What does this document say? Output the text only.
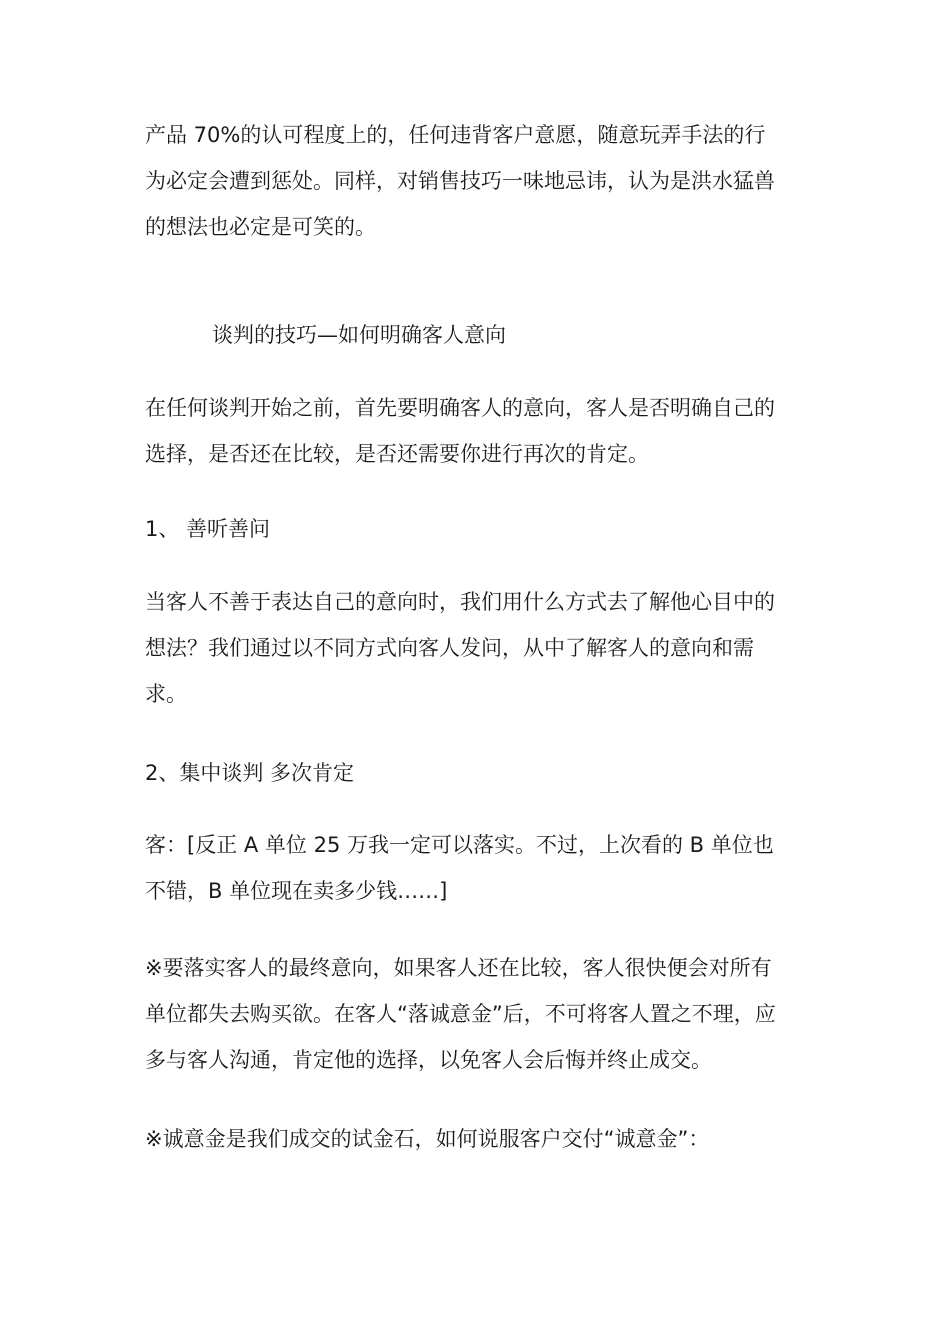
产品 70%的认可程度上的，任何违背客户意愿，随意玩弄手法的行
为必定会遭到惩处。同样，对销售技巧一味地忌讳，认为是洪水猛兽
的想法也必定是可笑的。

谈判的技巧—如何明确客人意向

在任何谈判开始之前，首先要明确客人的意向，客人是否明确自己的
选择，是否还在比较，是否还需要你进行再次的肯定。

1、 善听善问

当客人不善于表达自己的意向时，我们用什么方式去了解他心目中的
想法？我们通过以不同方式向客人发问，从中了解客人的意向和需
求。

2、集中谈判 多次肯定

客：[反正 A 单位 25 万我一定可以落实。不过，上次看的 B 单位也
不错，B 单位现在卖多少钱……]

※要落实客人的最终意向，如果客人还在比较，客人很快便会对所有
单位都失去购买欲。在客人“落诚意金”后，不可将客人置之不理，应
多与客人沟通，肯定他的选择，以免客人会后悔并终止成交。

※诚意金是我们成交的试金石，如何说服客户交付“诚意金”：
